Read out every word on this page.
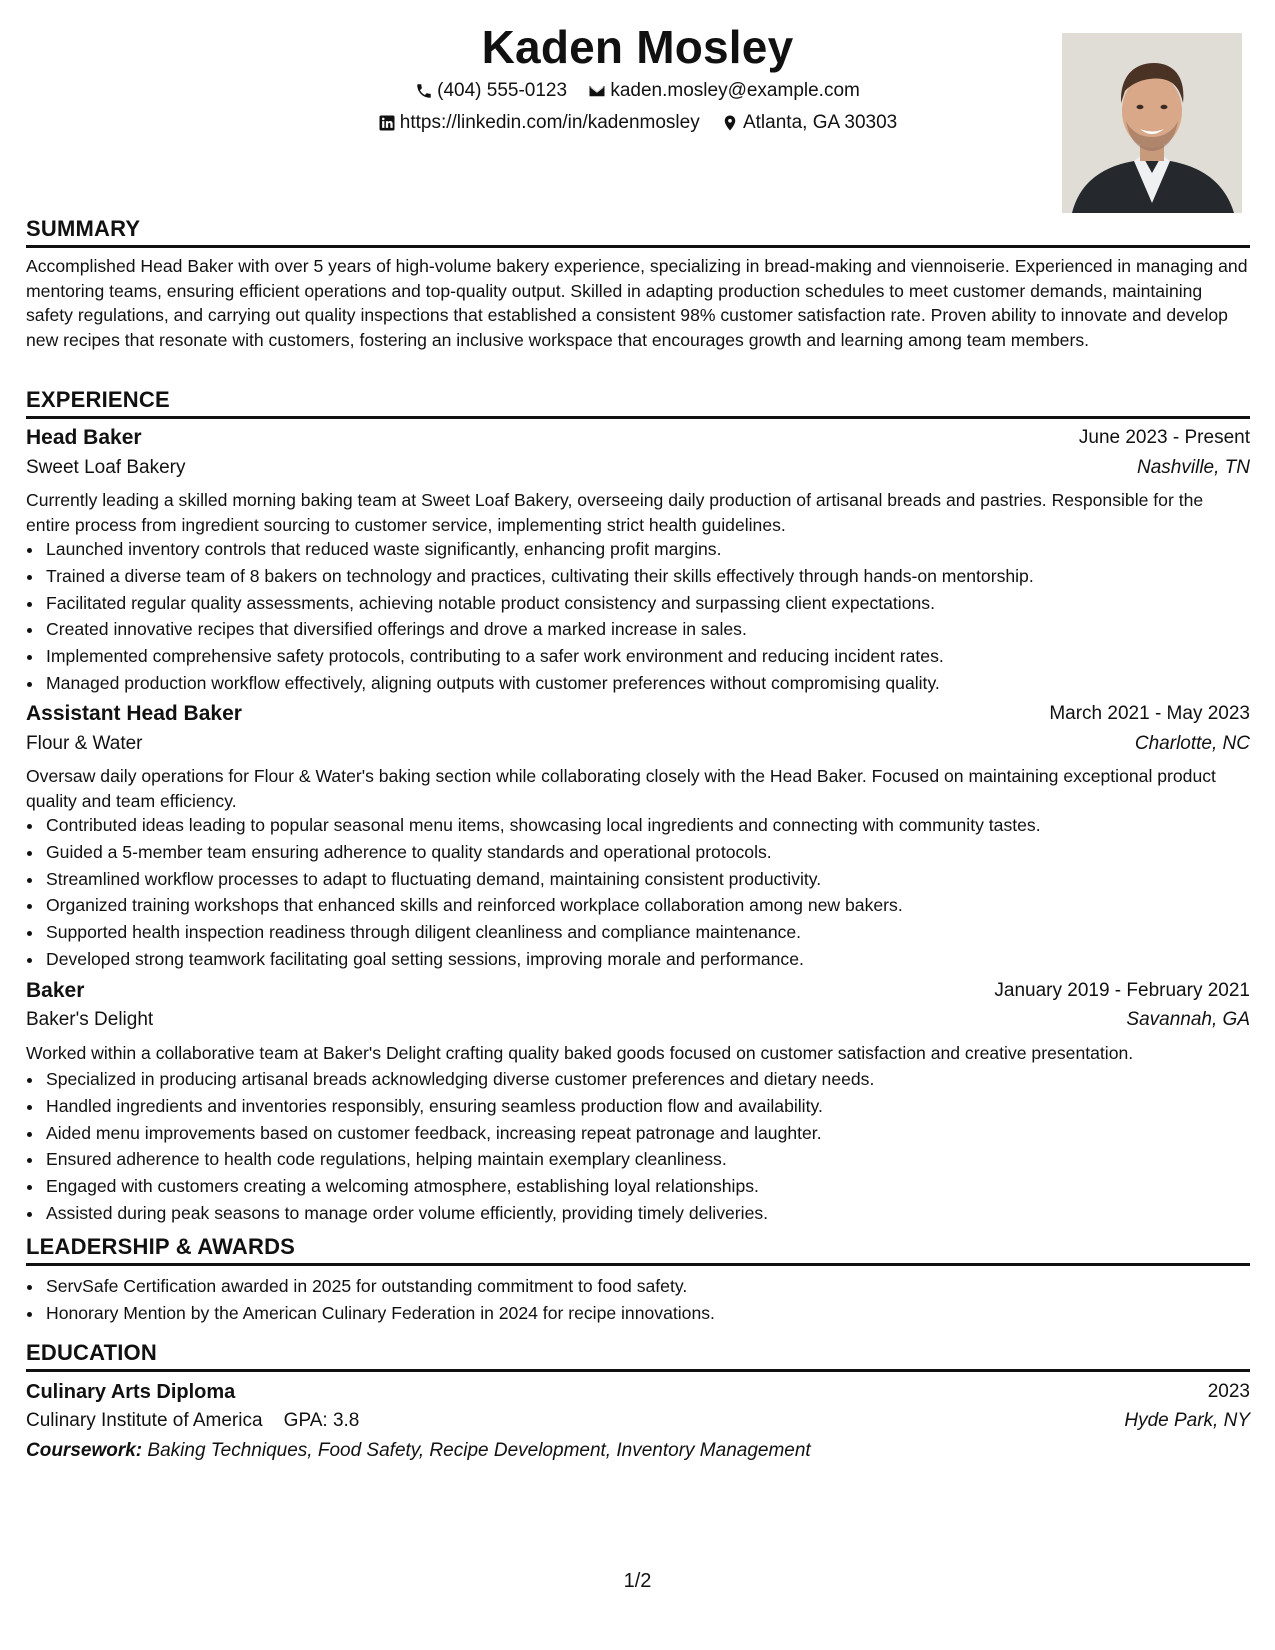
Kaden Mosley
(404) 555-0123
kaden.mosley@example.com
https://linkedin.com/in/kadenmosley
Atlanta, GA 30303
SUMMARY

Accomplished Head Baker with over 5 years of high-volume bakery experience, specializing in bread-making and viennoiserie. Experienced in managing and mentoring teams, ensuring efficient operations and top-quality output. Skilled in adapting production schedules to meet customer demands, maintaining safety regulations, and carrying out quality inspections that established a consistent 98% customer satisfaction rate. Proven ability to innovate and develop new recipes that resonate with customers, fostering an inclusive workspace that encourages growth and learning among team members.

EXPERIENCE
Head Baker	June 2023 - Present
Sweet Loaf Bakery	Nashville, TN

Currently leading a skilled morning baking team at Sweet Loaf Bakery, overseeing daily production of artisanal breads and pastries. Responsible for the entire process from ingredient sourcing to customer service, implementing strict health guidelines.

• Launched inventory controls that reduced waste significantly, enhancing profit margins.
• Trained a diverse team of 8 bakers on technology and practices, cultivating their skills effectively through hands-on mentorship.
• Facilitated regular quality assessments, achieving notable product consistency and surpassing client expectations.
• Created innovative recipes that diversified offerings and drove a marked increase in sales.
• Implemented comprehensive safety protocols, contributing to a safer work environment and reducing incident rates.
• Managed production workflow effectively, aligning outputs with customer preferences without compromising quality.
Assistant Head Baker	March 2021 - May 2023
Flour & Water	Charlotte, NC

Oversaw daily operations for Flour & Water's baking section while collaborating closely with the Head Baker. Focused on maintaining exceptional product quality and team efficiency.

• Contributed ideas leading to popular seasonal menu items, showcasing local ingredients and connecting with community tastes.
• Guided a 5-member team ensuring adherence to quality standards and operational protocols.
• Streamlined workflow processes to adapt to fluctuating demand, maintaining consistent productivity.
• Organized training workshops that enhanced skills and reinforced workplace collaboration among new bakers.
• Supported health inspection readiness through diligent cleanliness and compliance maintenance.
• Developed strong teamwork facilitating goal setting sessions, improving morale and performance.
Baker	January 2019 - February 2021
Baker's Delight	Savannah, GA

Worked within a collaborative team at Baker's Delight crafting quality baked goods focused on customer satisfaction and creative presentation.

• Specialized in producing artisanal breads acknowledging diverse customer preferences and dietary needs.
• Handled ingredients and inventories responsibly, ensuring seamless production flow and availability.
• Aided menu improvements based on customer feedback, increasing repeat patronage and laughter.
• Ensured adherence to health code regulations, helping maintain exemplary cleanliness.
• Engaged with customers creating a welcoming atmosphere, establishing loyal relationships.
• Assisted during peak seasons to manage order volume efficiently, providing timely deliveries.
LEADERSHIP & AWARDS
• ServSafe Certification awarded in 2025 for outstanding commitment to food safety.
• Honorary Mention by the American Culinary Federation in 2024 for recipe innovations.
EDUCATION
Culinary Arts Diploma	2023
Culinary Institute of America GPA: 3.8	Hyde Park, NY
Coursework: Baking Techniques, Food Safety, Recipe Development, Inventory Management
1/2
